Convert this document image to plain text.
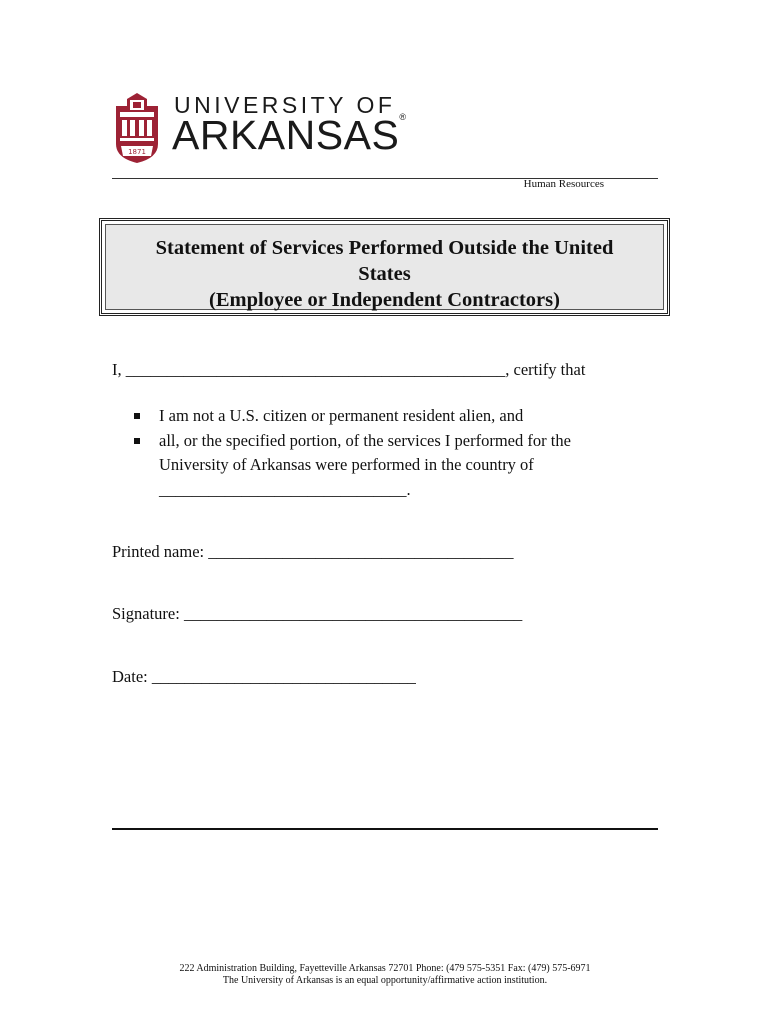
1871
UNIVERSITY OF
ARKANSAS®
Human Resources
Statement of Services Performed Outside the United
States
(Employee or Independent Contractors)
I, ______________________________________________, certify that
I am not a U.S. citizen or permanent resident alien, and
all, or the specified portion, of the services I performed for the
University of Arkansas were performed in the country of
______________________________.
Printed name: _____________________________________
Signature: _________________________________________
Date: ________________________________
222 Administration Building, Fayetteville Arkansas 72701 Phone: (479 575-5351 Fax: (479) 575-6971
The University of Arkansas is an equal opportunity/affirmative action institution.
